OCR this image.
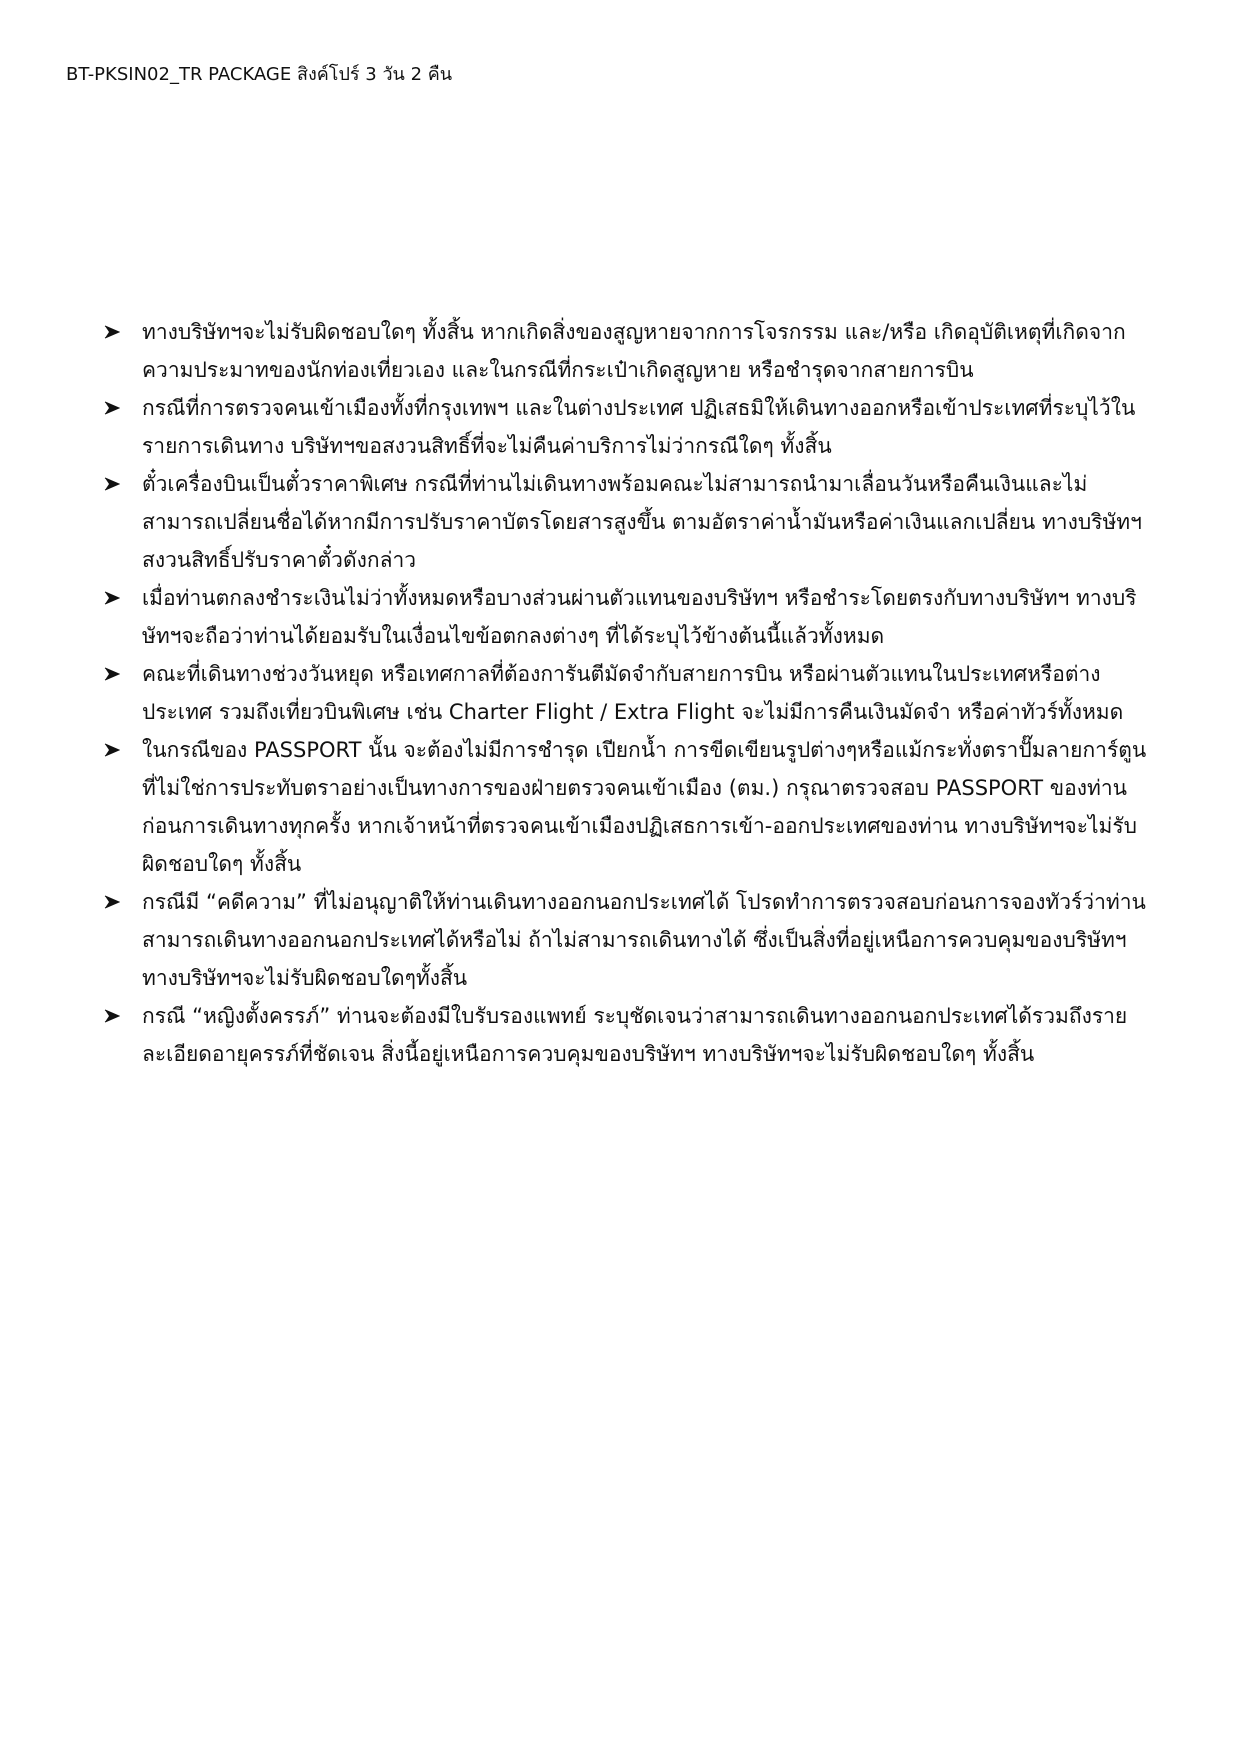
BT-PKSIN02_TR PACKAGE สิงค์โปร์ 3 วัน 2 คืน
ทางบริษัทฯจะไม่รับผิดชอบใดๆ ทั้งสิ้น หากเกิดสิ่งของสูญหายจากการโจรกรรม และ/หรือ เกิดอุบัติเหตุที่เกิดจากความประมาทของนักท่องเที่ยวเอง และในกรณีที่กระเป๋าเกิดสูญหาย หรือชำรุดจากสายการบิน
กรณีที่การตรวจคนเข้าเมืองทั้งที่กรุงเทพฯ และในต่างประเทศ ปฏิเสธมิให้เดินทางออกหรือเข้าประเทศที่ระบุไว้ในรายการเดินทาง บริษัทฯขอสงวนสิทธิ์ที่จะไม่คืนค่าบริการไม่ว่ากรณีใดๆ ทั้งสิ้น
ตั๋วเครื่องบินเป็นตั๋วราคาพิเศษ กรณีที่ท่านไม่เดินทางพร้อมคณะไม่สามารถนำมาเลื่อนวันหรือคืนเงินและไม่สามารถเปลี่ยนชื่อได้หากมีการปรับราคาบัตรโดยสารสูงขึ้น ตามอัตราค่าน้ำมันหรือค่าเงินแลกเปลี่ยน ทางบริษัทฯสงวนสิทธิ์ปรับราคาตั๋วดังกล่าว
เมื่อท่านตกลงชำระเงินไม่ว่าทั้งหมดหรือบางส่วนผ่านตัวแทนของบริษัทฯ หรือชำระโดยตรงกับทางบริษัทฯ ทางบริษัทฯจะถือว่าท่านได้ยอมรับในเงื่อนไขข้อตกลงต่างๆ ที่ได้ระบุไว้ข้างต้นนี้แล้วทั้งหมด
คณะที่เดินทางช่วงวันหยุด หรือเทศกาลที่ต้องการันตีมัดจำกับสายการบิน หรือผ่านตัวแทนในประเทศหรือต่างประเทศ รวมถึงเที่ยวบินพิเศษ เช่น Charter Flight / Extra Flight จะไม่มีการคืนเงินมัดจำ หรือค่าทัวร์ทั้งหมด
ในกรณีของ PASSPORT นั้น จะต้องไม่มีการชำรุด เปียกน้ำ การขีดเขียนรูปต่างๆหรือแม้กระทั่งตราปั๊มลายการ์ตูน ที่ไม่ใช่การประทับตราอย่างเป็นทางการของฝ่ายตรวจคนเข้าเมือง (ตม.) กรุณาตรวจสอบ PASSPORT ของท่านก่อนการเดินทางทุกครั้ง หากเจ้าหน้าที่ตรวจคนเข้าเมืองปฏิเสธการเข้า-ออกประเทศของท่าน ทางบริษัทฯจะไม่รับผิดชอบใดๆ ทั้งสิ้น
กรณีมี “คดีความ” ที่ไม่อนุญาติให้ท่านเดินทางออกนอกประเทศได้ โปรดทำการตรวจสอบก่อนการจองทัวร์ว่าท่านสามารถเดินทางออกนอกประเทศได้หรือไม่ ถ้าไม่สามารถเดินทางได้ ซึ่งเป็นสิ่งที่อยู่เหนือการควบคุมของบริษัทฯ ทางบริษัทฯจะไม่รับผิดชอบใดๆทั้งสิ้น
กรณี “หญิงตั้งครรภ์” ท่านจะต้องมีใบรับรองแพทย์ ระบุชัดเจนว่าสามารถเดินทางออกนอกประเทศได้รวมถึงรายละเอียดอายุครรภ์ที่ชัดเจน สิ่งนี้อยู่เหนือการควบคุมของบริษัทฯ ทางบริษัทฯจะไม่รับผิดชอบใดๆ ทั้งสิ้น
